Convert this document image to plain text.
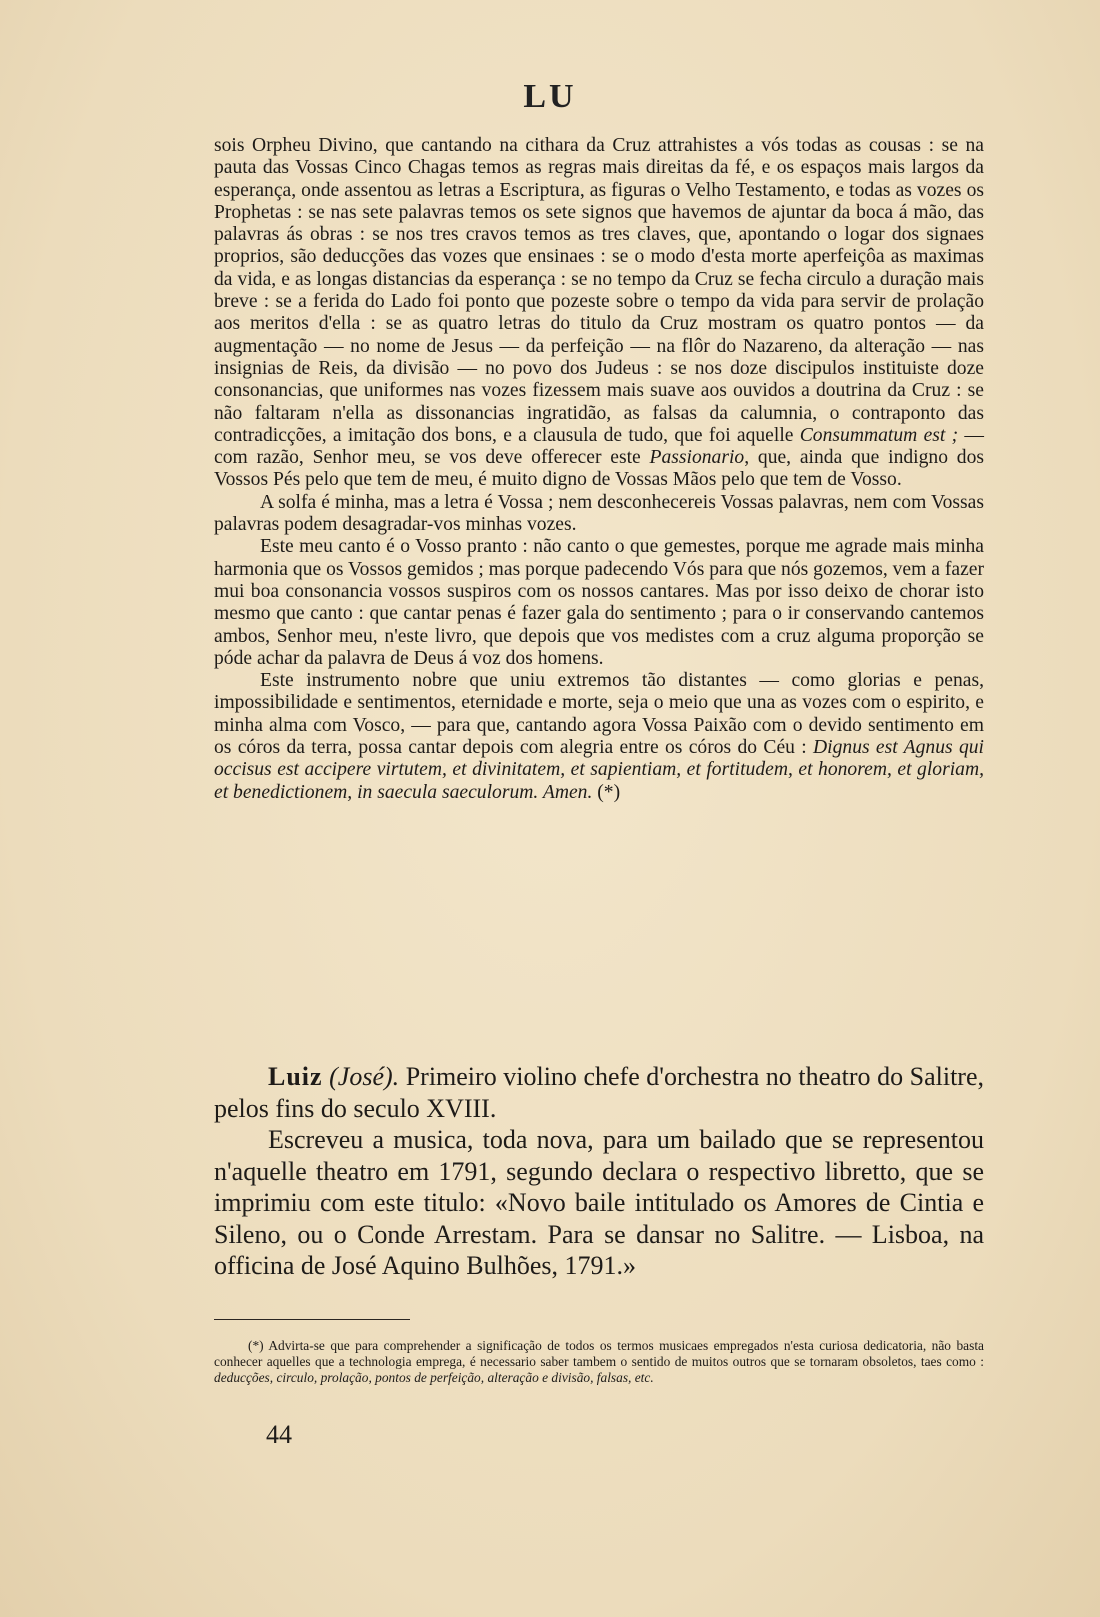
LU

sois Orpheu Divino, que cantando na cithara da Cruz attrahistes a vós todas as cousas : se na pauta das Vossas Cinco Chagas temos as regras mais direitas da fé, e os espaços mais largos da esperança, onde assentou as letras a Escriptura, as figuras o Velho Testamento, e todas as vozes os Prophetas : se nas sete palavras temos os sete signos que havemos de ajuntar da boca á mão, das palavras ás obras : se nos tres cravos temos as tres claves, que, apontando o logar dos signaes proprios, são deducções das vozes que ensinaes : se o modo d'esta morte aperfeiçôa as maximas da vida, e as longas distancias da esperança : se no tempo da Cruz se fecha circulo a duração mais breve : se a ferida do Lado foi ponto que pozeste sobre o tempo da vida para servir de prolação aos meritos d'ella : se as quatro letras do titulo da Cruz mostram os quatro pontos — da augmentação — no nome de Jesus — da perfeição — na flôr do Nazareno, da alteração — nas insignias de Reis, da divisão — no povo dos Judeus : se nos doze discipulos instituiste doze consonancias, que uniformes nas vozes fizessem mais suave aos ouvidos a doutrina da Cruz : se não faltaram n'ella as dissonancias ingratidão, as falsas da calumnia, o contraponto das contradicções, a imitação dos bons, e a clausula de tudo, que foi aquelle Consummatum est ; — com razão, Senhor meu, se vos deve offerecer este Passionario, que, ainda que indigno dos Vossos Pés pelo que tem de meu, é muito digno de Vossas Mãos pelo que tem de Vosso.

A solfa é minha, mas a letra é Vossa ; nem desconhecereis Vossas palavras, nem com Vossas palavras podem desagradar-vos minhas vozes.

Este meu canto é o Vosso pranto : não canto o que gemestes, porque me agrade mais minha harmonia que os Vossos gemidos ; mas porque padecendo Vós para que nós gozemos, vem a fazer mui boa consonancia vossos suspiros com os nossos cantares. Mas por isso deixo de chorar isto mesmo que canto : que cantar penas é fazer gala do sentimento ; para o ir conservando cantemos ambos, Senhor meu, n'este livro, que depois que vos medistes com a cruz alguma proporção se póde achar da palavra de Deus á voz dos homens.

Este instrumento nobre que uniu extremos tão distantes — como glorias e penas, impossibilidade e sentimentos, eternidade e morte, seja o meio que una as vozes com o espirito, e minha alma com Vosco, — para que, cantando agora Vossa Paixão com o devido sentimento em os córos da terra, possa cantar depois com alegria entre os córos do Céu : Dignus est Agnus qui occisus est accipere virtutem, et divinitatem, et sapientiam, et fortitudem, et honorem, et gloriam, et benedictionem, in saecula saeculorum. Amen. (*)

Luiz (José). Primeiro violino chefe d'orchestra no theatro do Salitre, pelos fins do seculo XVIII.

Escreveu a musica, toda nova, para um bailado que se representou n'aquelle theatro em 1791, segundo declara o respectivo libretto, que se imprimiu com este titulo: «Novo baile intitulado os Amores de Cintia e Sileno, ou o Conde Arrestam. Para se dansar no Salitre. — Lisboa, na officina de José Aquino Bulhões, 1791.»

(*) Advirta-se que para comprehender a significação de todos os termos musicaes empregados n'esta curiosa dedicatoria, não basta conhecer aquelles que a technologia emprega, é necessario saber tambem o sentido de muitos outros que se tornaram obsoletos, taes como : deducções, circulo, prolação, pontos de perfeição, alteração e divisão, falsas, etc.

44
